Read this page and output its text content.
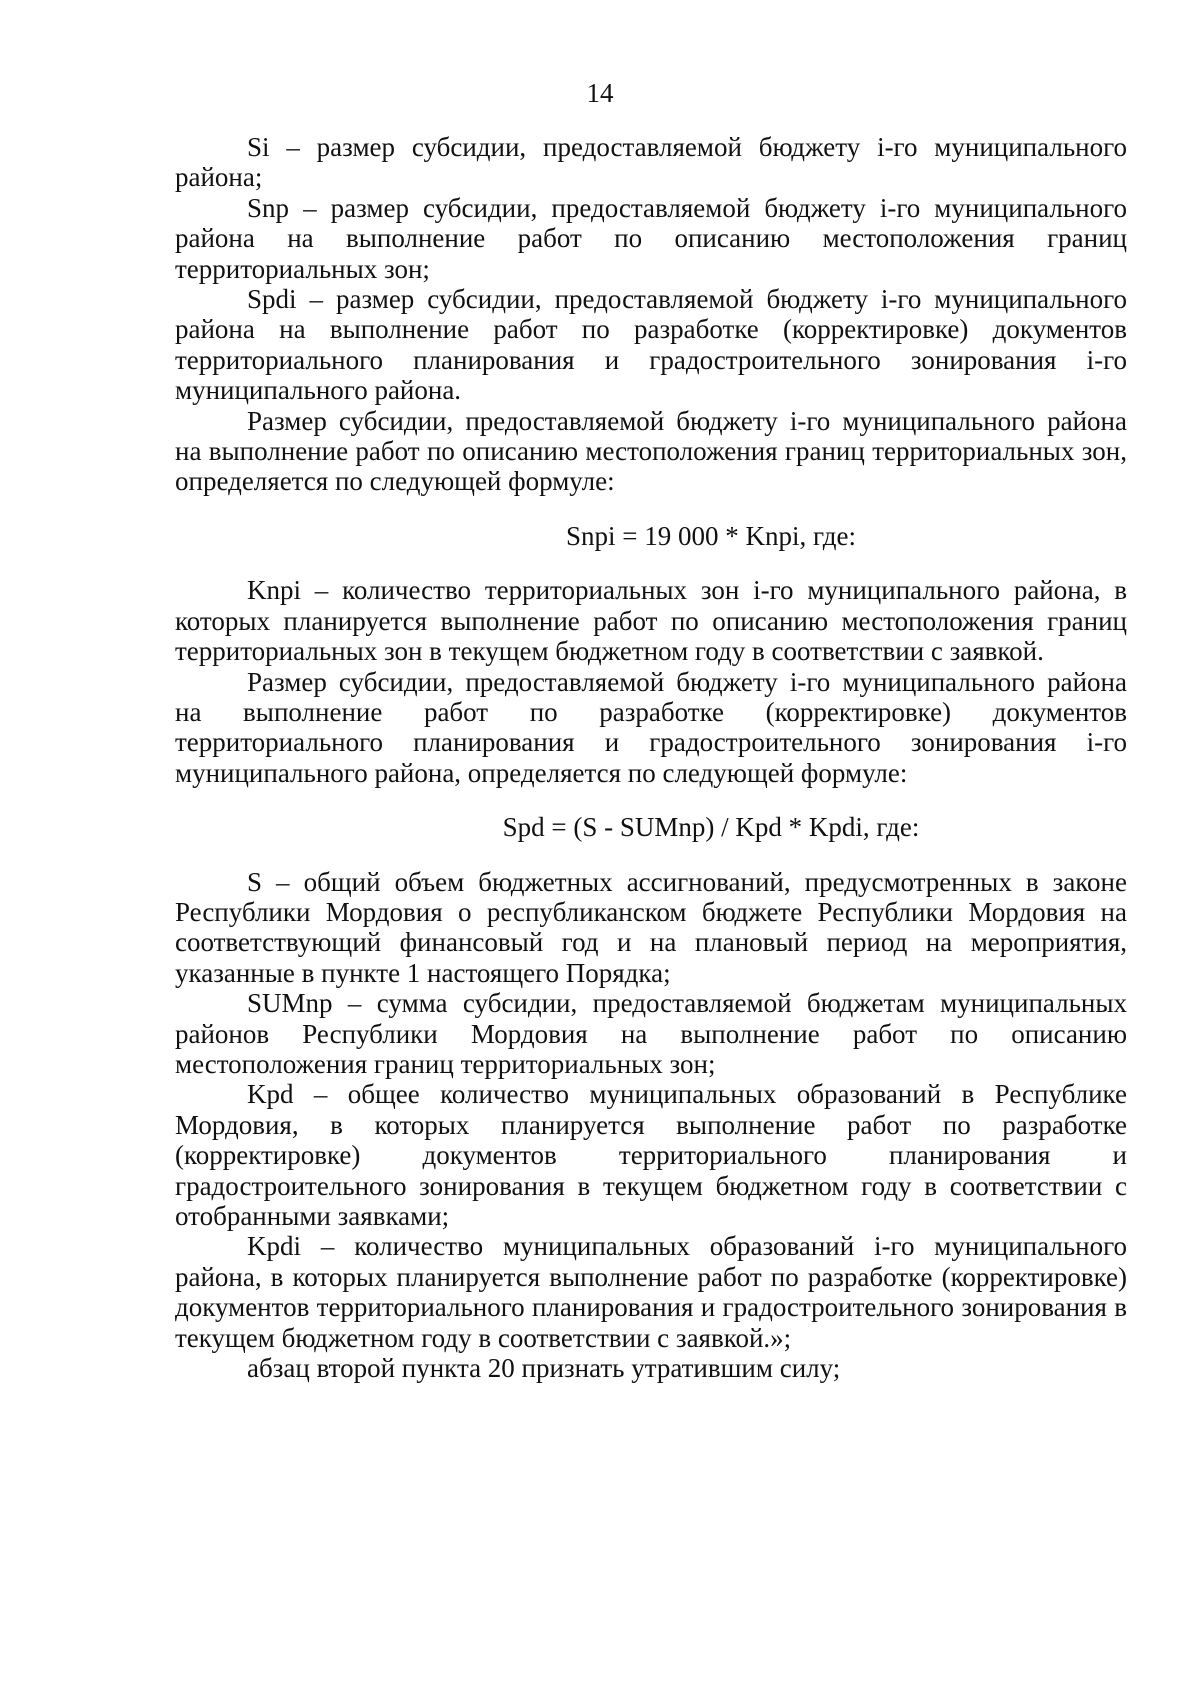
14

Si – размер субсидии, предоставляемой бюджету i-го муниципального района;

Snp – размер субсидии, предоставляемой бюджету i-го муниципального района на выполнение работ по описанию местоположения границ территориальных зон;

Spdi – размер субсидии, предоставляемой бюджету i-го муниципального района на выполнение работ по разработке (корректировке) документов территориального планирования и градостроительного зонирования i-го муниципального района.

Размер субсидии, предоставляемой бюджету i-го муниципального района на выполнение работ по описанию местоположения границ территориальных зон, определяется по следующей формуле:

Snpi = 19 000 * Knpi, где:

Knpi – количество территориальных зон i-го муниципального района, в которых планируется выполнение работ по описанию местоположения границ территориальных зон в текущем бюджетном году в соответствии с заявкой.

Размер субсидии, предоставляемой бюджету i-го муниципального района на выполнение работ по разработке (корректировке) документов территориального планирования и градостроительного зонирования i-го муниципального района, определяется по следующей формуле:

Spd = (S - SUMnp) / Kpd * Kpdi, где:

S – общий объем бюджетных ассигнований, предусмотренных в законе Республики Мордовия о республиканском бюджете Республики Мордовия на соответствующий финансовый год и на плановый период на мероприятия, указанные в пункте 1 настоящего Порядка;

SUMnp – сумма субсидии, предоставляемой бюджетам муниципальных районов Республики Мордовия на выполнение работ по описанию местоположения границ территориальных зон;

Kpd – общее количество муниципальных образований в Республике Мордовия, в которых планируется выполнение работ по разработке (корректировке) документов территориального планирования и градостроительного зонирования в текущем бюджетном году в соответствии с отобранными заявками;

Kpdi – количество муниципальных образований i-го муниципального района, в которых планируется выполнение работ по разработке (корректировке) документов территориального планирования и градостроительного зонирования в текущем бюджетном году в соответствии с заявкой.»;

абзац второй пункта 20 признать утратившим силу;
